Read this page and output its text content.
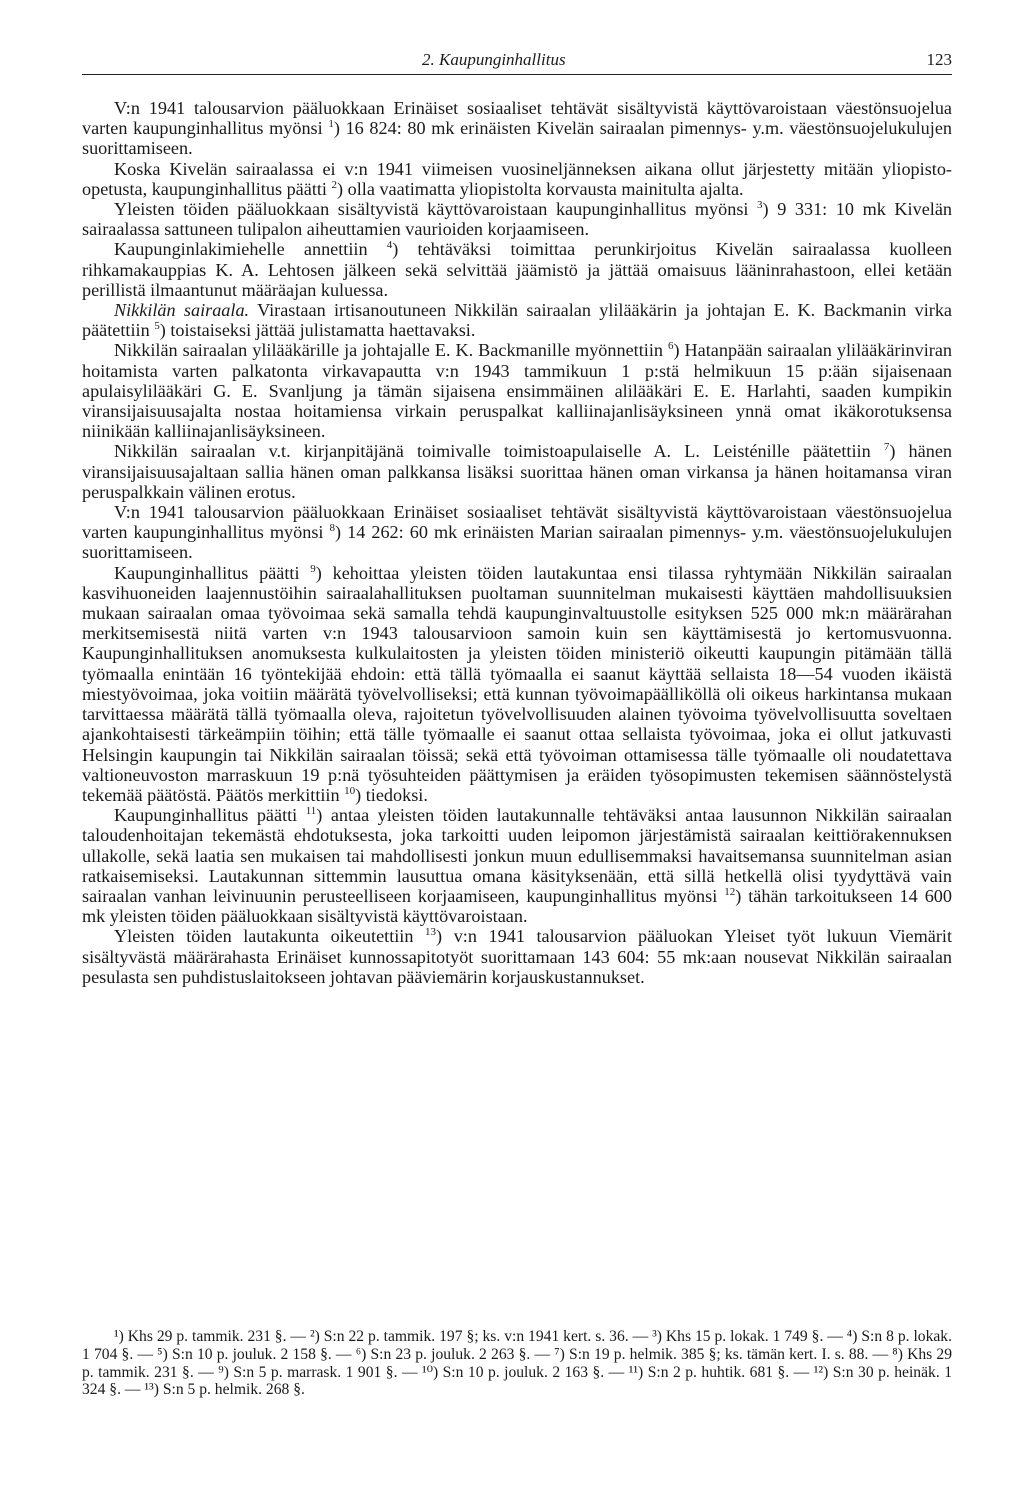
2. Kaupunginhallitus	123

V:n 1941 talousarvion pääluokkaan Erinäiset sosiaaliset tehtävät sisältyvistä käyttövaroistaan väestönsuojelua varten kaupunginhallitus myönsi $^1$) 16 824: 80 mk erinäisten Kivelän sairaalan pimennys- y.m. väestönsuojelukulujen suorittamiseen.

Koska Kivelän sairaalassa ei v:n 1941 viimeisen vuosineljänneksen aikana ollut järjestetty mitään yliopisto-opetusta, kaupunginhallitus päätti $^2$) olla vaatimatta yliopistolta korvausta mainitulta ajalta.

Yleisten töiden pääluokkaan sisältyvistä käyttövaroistaan kaupunginhallitus myönsi $^3$) 9 331: 10 mk Kivelän sairaalassa sattuneen tulipalon aiheuttamien vaurioiden korjaamiseen.

Kaupunginlakimiehelle annettiin $^4$) tehtäväksi toimittaa perunkirjoitus Kivelän sairaalassa kuolleen rihkamakauppias K. A. Lehtosen jälkeen sekä selvittää jäämistö ja jättää omaisuus lääninrahastoon, ellei ketään perillistä ilmaantunut määräajan kuluessa.

Nikkilän sairaala. Virastaan irtisanoutuneen Nikkilän sairaalan ylilääkärin ja johtajan E. K. Backmanin virka päätettiin $^5$) toistaiseksi jättää julistamatta haettavaksi.

Nikkilän sairaalan ylilääkärille ja johtajalle E. K. Backmanille myönnettiin $^6$) Hatanpään sairaalan ylilääkärinviran hoitamista varten palkatonta virkavapautta v:n 1943 tammikuun 1 p:stä helmikuun 15 p:ään sijaisenaan apulaisylilääkäri G. E. Svanljung ja tämän sijaisena ensimmäinen alilääkäri E. E. Harlahti, saaden kumpikin viransijaisuusajalta nostaa hoitamiensa virkain peruspalkat kalliinajanlisäyksineen ynnä omat ikäkorotuksensa niinikään kalliinajanlisäyksineen.

Nikkilän sairaalan v.t. kirjanpitäjänä toimivalle toimistoapulaiselle A. L. Leisténille päätettiin $^7$) hänen viransijaisuusajaltaan sallia hänen oman palkkansa lisäksi suorittaa hänen oman virkansa ja hänen hoitamansa viran peruspalkkain välinen erotus.

V:n 1941 talousarvion pääluokkaan Erinäiset sosiaaliset tehtävät sisältyvistä käyttövaroistaan väestönsuojelua varten kaupunginhallitus myönsi $^8$) 14 262: 60 mk erinäisten Marian sairaalan pimennys- y.m. väestönsuojelukulujen suorittamiseen.

Kaupunginhallitus päätti $^9$) kehoittaa yleisten töiden lautakuntaa ensi tilassa ryhtymään Nikkilän sairaalan kasvihuoneiden laajennustöihin sairaalahallituksen puoltaman suunnitelman mukaisesti käyttäen mahdollisuuksien mukaan sairaalan omaa työvoimaa sekä samalla tehdä kaupunginvaltuustolle esityksen 525 000 mk:n määrärahan merkitsemisestä niitä varten v:n 1943 talousarvioon samoin kuin sen käyttämisestä jo kertomusvuonna. Kaupunginhallituksen anomuksesta kulkulaitosten ja yleisten töiden ministeriö oikeutti kaupungin pitämään tällä työmaalla enintään 16 työntekijää ehdoin: että tällä työmaalla ei saanut käyttää sellaista 18—54 vuoden ikäistä miestyövoimaa, joka voitiin määrätä työvelvolliseksi; että kunnan työvoimapäälliköllä oli oikeus harkintansa mukaan tarvittaessa määrätä tällä työmaalla oleva, rajoitetun työvelvollisuuden alainen työvoima työvelvollisuutta soveltaen ajankohtaisesti tärkeämpiin töihin; että tälle työmaalle ei saanut ottaa sellaista työvoimaa, joka ei ollut jatkuvasti Helsingin kaupungin tai Nikkilän sairaalan töissä; sekä että työvoiman ottamisessa tälle työmaalle oli noudatettava valtioneuvoston marraskuun 19 p:nä työsuhteiden päättymisen ja eräiden työsopimusten tekemisen säännöstelystä tekemää päätöstä. Päätös merkittiin $^{10}$) tiedoksi.

Kaupunginhallitus päätti $^{11}$) antaa yleisten töiden lautakunnalle tehtäväksi antaa lausunnon Nikkilän sairaalan taloudenhoitajan tekemästä ehdotuksesta, joka tarkoitti uuden leipomon järjestämistä sairaalan keittiörakennuksen ullakolle, sekä laatia sen mukaisen tai mahdollisesti jonkun muun edullisemmaksi havaitsemansa suunnitelman asian ratkaisemiseksi. Lautakunnan sittemmin lausuttua omana käsityksenään, että sillä hetkellä olisi tyydyttävä vain sairaalan vanhan leivinuunin perusteelliseen korjaamiseen, kaupunginhallitus myönsi $^{12}$) tähän tarkoitukseen 14 600 mk yleisten töiden pääluokkaan sisältyvistä käyttövaroistaan.

Yleisten töiden lautakunta oikeutettiin $^{13}$) v:n 1941 talousarvion pääluokan Yleiset työt lukuun Viemärit sisältyvästä määrärahasta Erinäiset kunnossapitotyöt suorittamaan 143 604: 55 mk:aan nousevat Nikkilän sairaalan pesulasta sen puhdistuslaitokseen johtavan pääviemärin korjauskustannukset.

¹) Khs 29 p. tammik. 231 §. — ²) S:n 22 p. tammik. 197 §; ks. v:n 1941 kert. s. 36. — ³) Khs 15 p. lokak. 1 749 §. — ⁴) S:n 8 p. lokak. 1 704 §. — ⁵) S:n 10 p. jouluk. 2 158 §. — ⁶) S:n 23 p. jouluk. 2 263 §. — ⁷) S:n 19 p. helmik. 385 §; ks. tämän kert. I. s. 88. — ⁸) Khs 29 p. tammik. 231 §. — ⁹) S:n 5 p. marrask. 1 901 §. — ¹⁰) S:n 10 p. jouluk. 2 163 §. — ¹¹) S:n 2 p. huhtik. 681 §. — ¹²) S:n 30 p. heinäk. 1 324 §. — ¹³) S:n 5 p. helmik. 268 §.
